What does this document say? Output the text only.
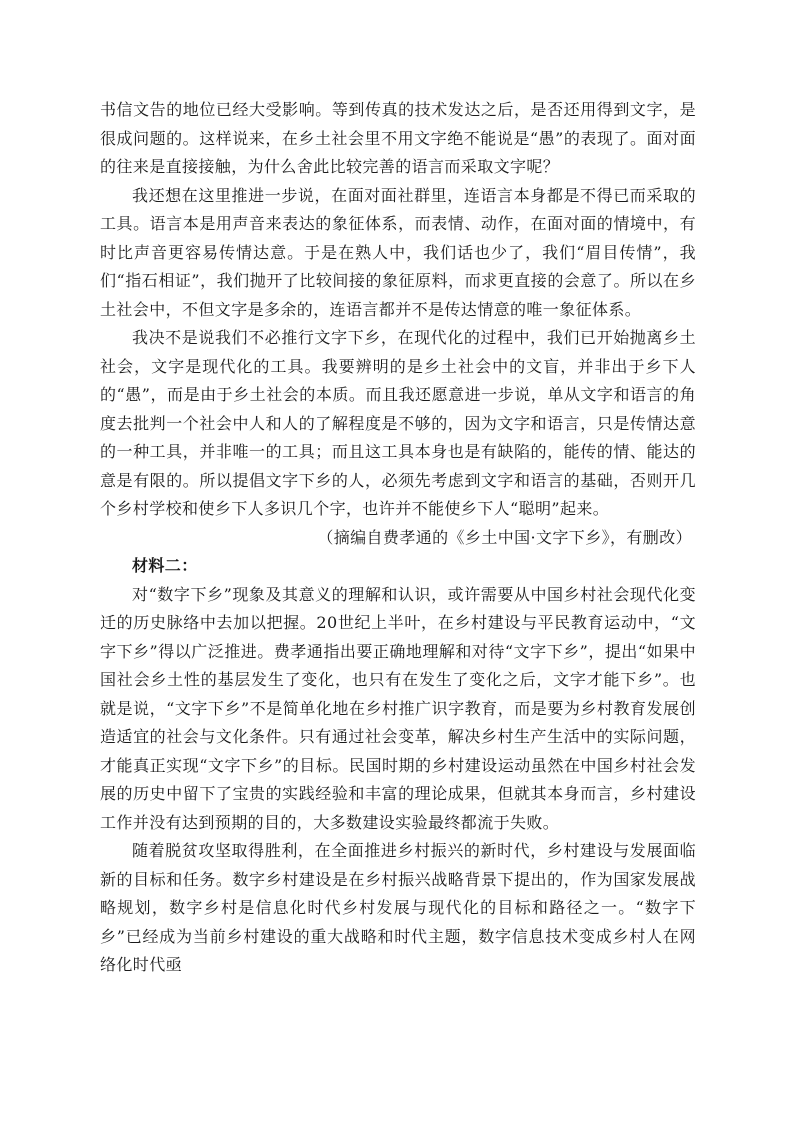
书信文告的地位已经大受影响。等到传真的技术发达之后，是否还用得到文字，是很成问题的。这样说来，在乡土社会里不用文字绝不能说是“愚”的表现了。面对面的往来是直接接触，为什么舍此比较完善的语言而采取文字呢？

我还想在这里推进一步说，在面对面社群里，连语言本身都是不得已而采取的工具。语言本是用声音来表达的象征体系，而表情、动作，在面对面的情境中，有时比声音更容易传情达意。于是在熟人中，我们话也少了，我们“眉目传情”，我们“指石相证”，我们抛开了比较间接的象征原料，而求更直接的会意了。所以在乡土社会中，不但文字是多余的，连语言都并不是传达情意的唯一象征体系。

我决不是说我们不必推行文字下乡，在现代化的过程中，我们已开始抛离乡土社会，文字是现代化的工具。我要辨明的是乡土社会中的文盲，并非出于乡下人的“愚”，而是由于乡土社会的本质。而且我还愿意进一步说，单从文字和语言的角度去批判一个社会中人和人的了解程度是不够的，因为文字和语言，只是传情达意的一种工具，并非唯一的工具；而且这工具本身也是有缺陷的，能传的情、能达的意是有限的。所以提倡文字下乡的人，必须先考虑到文字和语言的基础，否则开几个乡村学校和使乡下人多识几个字，也许并不能使乡下人“聪明”起来。

（摘编自费孝通的《乡土中国·文字下乡》，有删改）

材料二：

对“数字下乡”现象及其意义的理解和认识，或许需要从中国乡村社会现代化变迁的历史脉络中去加以把握。20世纪上半叶，在乡村建设与平民教育运动中，“文字下乡”得以广泛推进。费孝通指出要正确地理解和对待“文字下乡”，提出“如果中国社会乡土性的基层发生了变化，也只有在发生了变化之后，文字才能下乡”。也就是说，“文字下乡”不是简单化地在乡村推广识字教育，而是要为乡村教育发展创造适宜的社会与文化条件。只有通过社会变革，解决乡村生产生活中的实际问题，才能真正实现“文字下乡”的目标。民国时期的乡村建设运动虽然在中国乡村社会发展的历史中留下了宝贵的实践经验和丰富的理论成果，但就其本身而言，乡村建设工作并没有达到预期的目的，大多数建设实验最终都流于失败。

随着脱贫攻坚取得胜利，在全面推进乡村振兴的新时代，乡村建设与发展面临新的目标和任务。数字乡村建设是在乡村振兴战略背景下提出的，作为国家发展战略规划，数字乡村是信息化时代乡村发展与现代化的目标和路径之一。“数字下乡”已经成为当前乡村建设的重大战略和时代主题，数字信息技术变成乡村人在网络化时代亟
